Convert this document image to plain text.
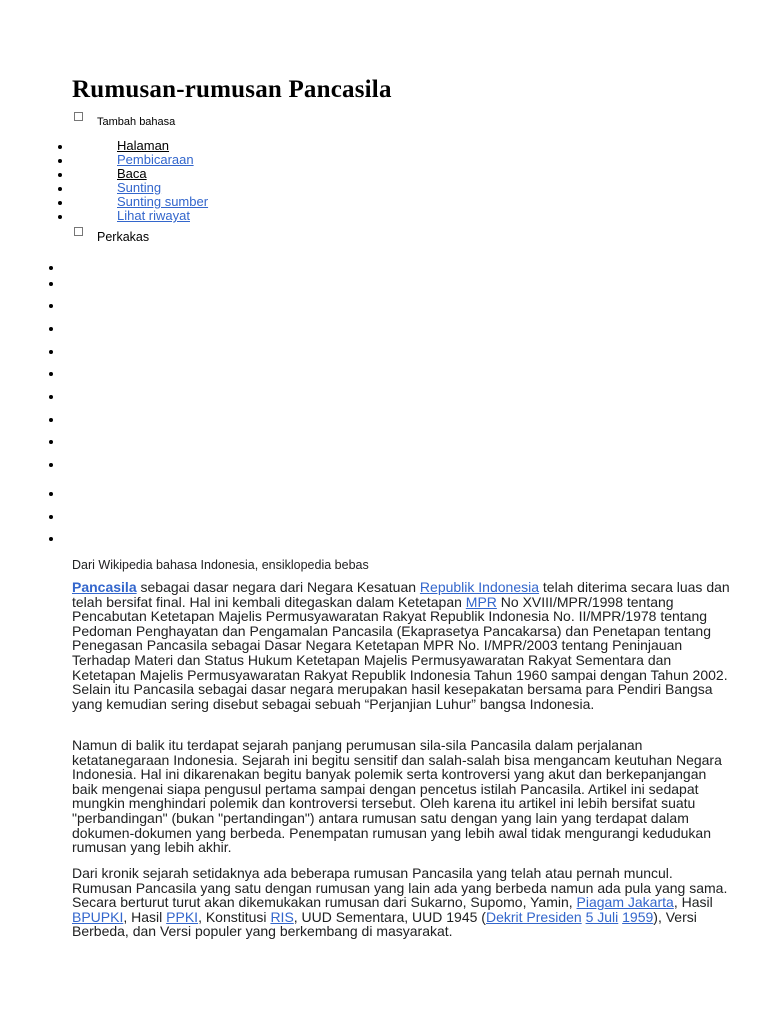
Rumusan-rumusan Pancasila
Tambah bahasa
Halaman
Pembicaraan
Baca
Sunting
Sunting sumber
Lihat riwayat
Perkakas
Dari Wikipedia bahasa Indonesia, ensiklopedia bebas

Pancasila sebagai dasar negara dari Negara Kesatuan Republik Indonesia telah diterima secara luas dan telah bersifat final. Hal ini kembali ditegaskan dalam Ketetapan MPR No XVIII/MPR/1998 tentang Pencabutan Ketetapan Majelis Permusyawaratan Rakyat Republik Indonesia No. II/MPR/1978 tentang Pedoman Penghayatan dan Pengamalan Pancasila (Ekaprasetya Pancakarsa) dan Penetapan tentang Penegasan Pancasila sebagai Dasar Negara Ketetapan MPR No. I/MPR/2003 tentang Peninjauan Terhadap Materi dan Status Hukum Ketetapan Majelis Permusyawaratan Rakyat Sementara dan Ketetapan Majelis Permusyawaratan Rakyat Republik Indonesia Tahun 1960 sampai dengan Tahun 2002. Selain itu Pancasila sebagai dasar negara merupakan hasil kesepakatan bersama para Pendiri Bangsa yang kemudian sering disebut sebagai sebuah “Perjanjian Luhur” bangsa Indonesia.

Namun di balik itu terdapat sejarah panjang perumusan sila-sila Pancasila dalam perjalanan ketatanegaraan Indonesia. Sejarah ini begitu sensitif dan salah-salah bisa mengancam keutuhan Negara Indonesia. Hal ini dikarenakan begitu banyak polemik serta kontroversi yang akut dan berkepanjangan baik mengenai siapa pengusul pertama sampai dengan pencetus istilah Pancasila. Artikel ini sedapat mungkin menghindari polemik dan kontroversi tersebut. Oleh karena itu artikel ini lebih bersifat suatu "perbandingan" (bukan "pertandingan") antara rumusan satu dengan yang lain yang terdapat dalam dokumen-dokumen yang berbeda. Penempatan rumusan yang lebih awal tidak mengurangi kedudukan rumusan yang lebih akhir.

Dari kronik sejarah setidaknya ada beberapa rumusan Pancasila yang telah atau pernah muncul. Rumusan Pancasila yang satu dengan rumusan yang lain ada yang berbeda namun ada pula yang sama. Secara berturut turut akan dikemukakan rumusan dari Sukarno, Supomo, Yamin, Piagam Jakarta, Hasil BPUPKI, Hasil PPKI, Konstitusi RIS, UUD Sementara, UUD 1945 (Dekrit Presiden 5 Juli 1959), Versi Berbeda, dan Versi populer yang berkembang di masyarakat.
